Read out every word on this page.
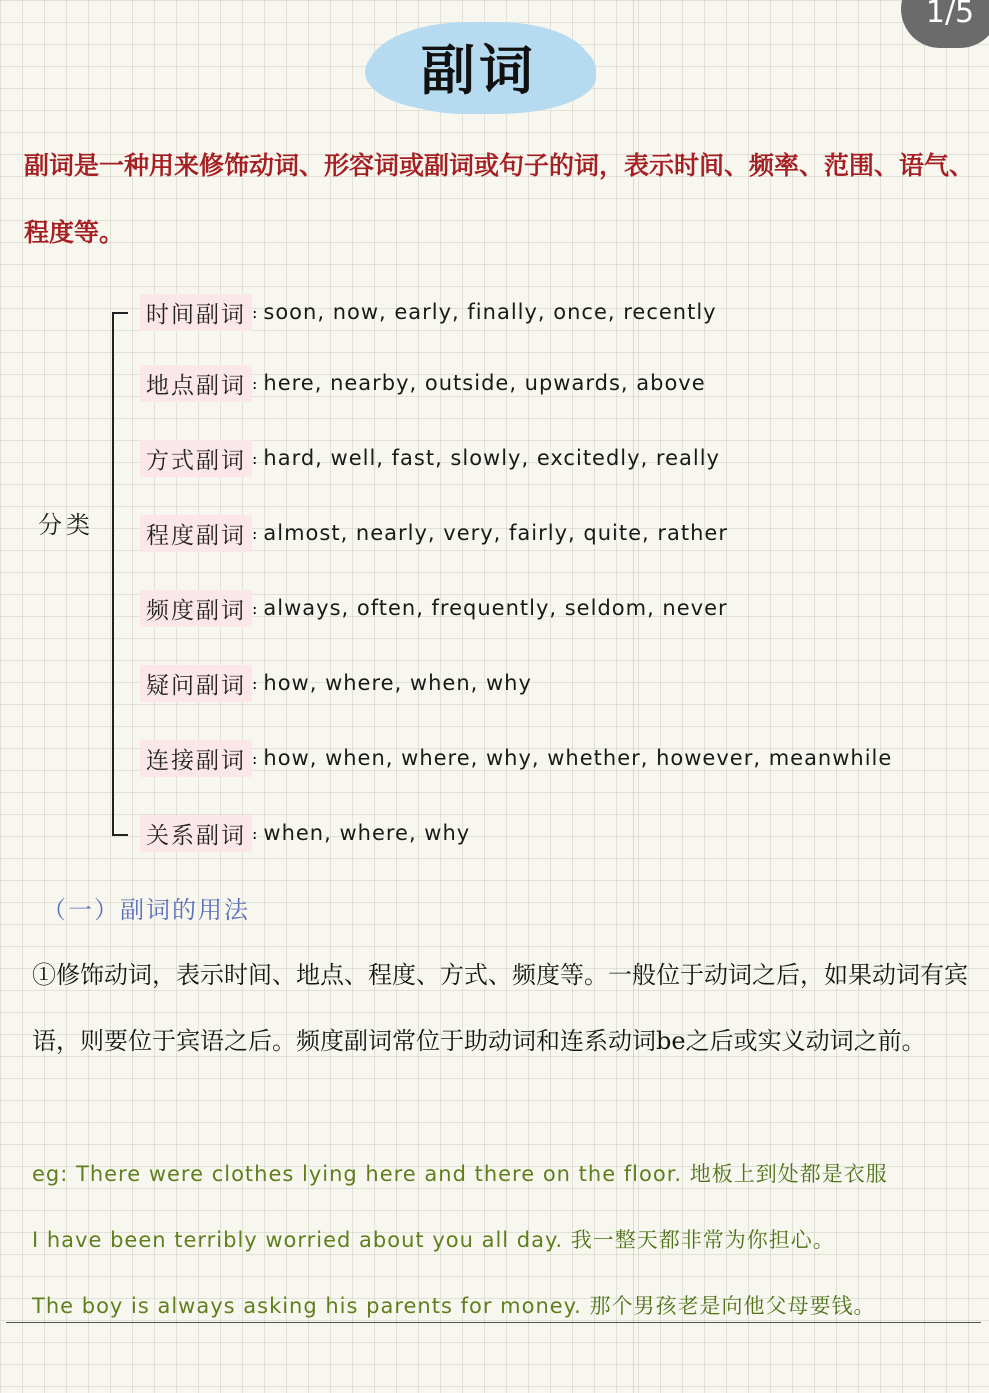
1/5
副词
副词是一种用来修饰动词、形容词或副词或句子的词，表示时间、频率、范围、语气、程度等。
分类
时间副词 : soon, now, early, finally, once, recently
地点副词 : here, nearby, outside, upwards, above
方式副词 : hard, well, fast, slowly, excitedly, really
程度副词 : almost, nearly, very, fairly, quite, rather
频度副词 : always, often, frequently, seldom, never
疑问副词 : how, where, when, why
连接副词 : how, when, where, why, whether, however, meanwhile
关系副词 : when, where, why
（一）副词的用法
①修饰动词，表示时间、地点、程度、方式、频度等。一般位于动词之后，如果动词有宾语，则要位于宾语之后。频度副词常位于助动词和连系动词be之后或实义动词之前。
eg: There were clothes lying here and there on the floor. 地板上到处都是衣服
I have been terribly worried about you all day. 我一整天都非常为你担心。
The boy is always asking his parents for money. 那个男孩老是向他父母要钱。
